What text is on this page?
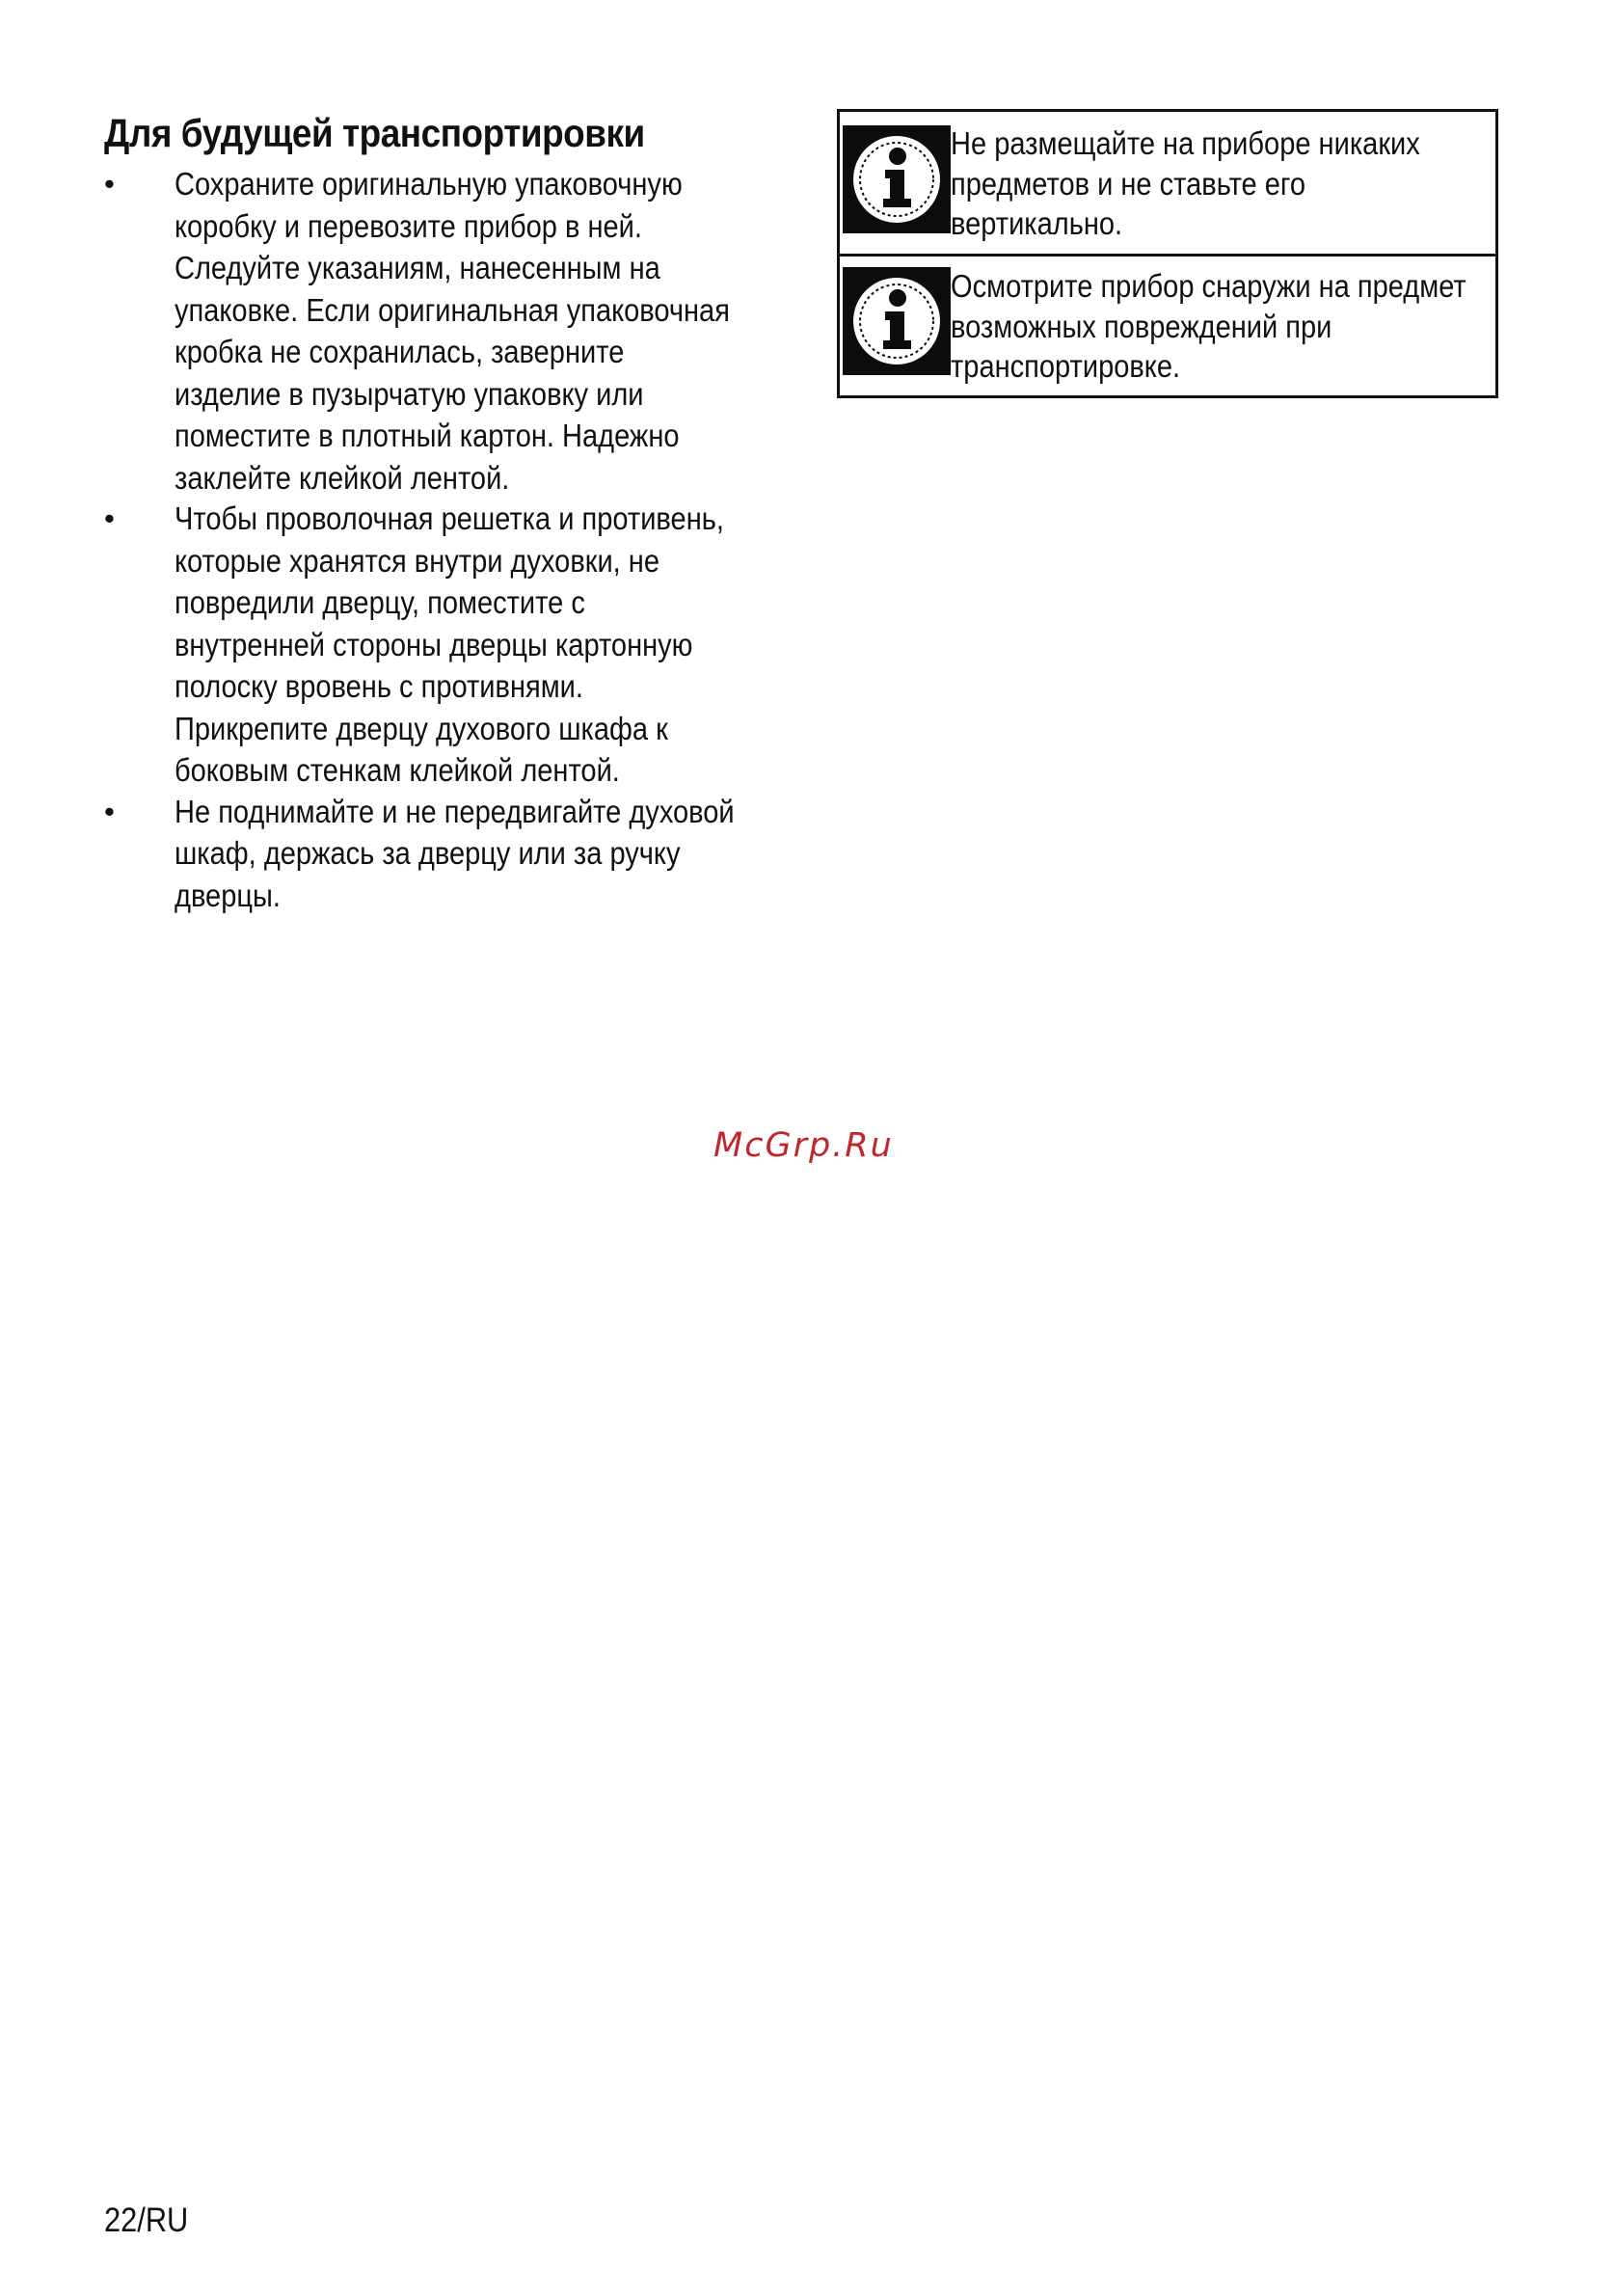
Для будущей транспортировки
• Сохраните оригинальную упаковочную
коробку и перевозите прибор в ней.
Следуйте указаниям, нанесенным на
упаковке. Если оригинальная упаковочная
кробка не сохранилась, заверните
изделие в пузырчатую упаковку или
поместите в плотный картон. Надежно
заклейте клейкой лентой.
• Чтобы проволочная решетка и противень,
которые хранятся внутри духовки, не
повредили дверцу, поместите с
внутренней стороны дверцы картонную
полоску вровень с противнями.
Прикрепите дверцу духового шкафа к
боковым стенкам клейкой лентой.
• Не поднимайте и не передвигайте духовой
шкаф, держась за дверцу или за ручку
дверцы.
Не размещайте на приборе никаких
предметов и не ставьте его
вертикально.
Осмотрите прибор снаружи на предмет
возможных повреждений при
транспортировке.
McGrp.Ru
22/RU
